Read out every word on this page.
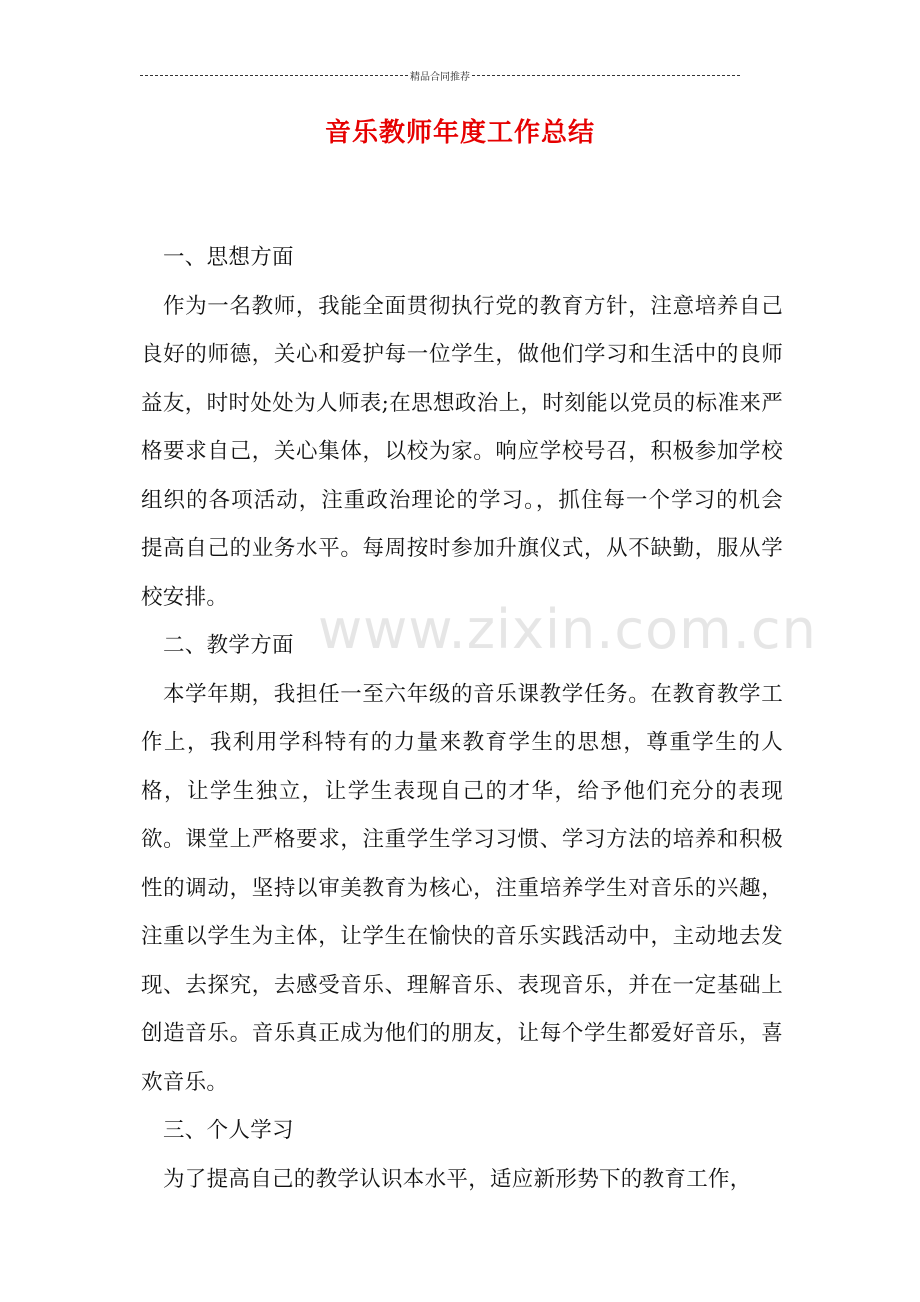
精品合同推荐
音乐教师年度工作总结

一、思想方面

作为一名教师，我能全面贯彻执行党的教育方针，注意培养自己良好的师德，关心和爱护每一位学生，做他们学习和生活中的良师益友，时时处处为人师表;在思想政治上，时刻能以党员的标准来严格要求自己，关心集体，以校为家。响应学校号召，积极参加学校组织的各项活动，注重政治理论的学习。，抓住每一个学习的机会提高自己的业务水平。每周按时参加升旗仪式，从不缺勤，服从学校安排。

二、教学方面

本学年期，我担任一至六年级的音乐课教学任务。在教育教学工作上，我利用学科特有的力量来教育学生的思想，尊重学生的人格，让学生独立，让学生表现自己的才华，给予他们充分的表现欲。课堂上严格要求，注重学生学习习惯、学习方法的培养和积极性的调动，坚持以审美教育为核心，注重培养学生对音乐的兴趣，注重以学生为主体，让学生在愉快的音乐实践活动中，主动地去发现、去探究，去感受音乐、理解音乐、表现音乐，并在一定基础上创造音乐。音乐真正成为他们的朋友，让每个学生都爱好音乐，喜欢音乐。

三、个人学习

为了提高自己的教学认识本水平，适应新形势下的教育工作，

www.zixin.com.cn
